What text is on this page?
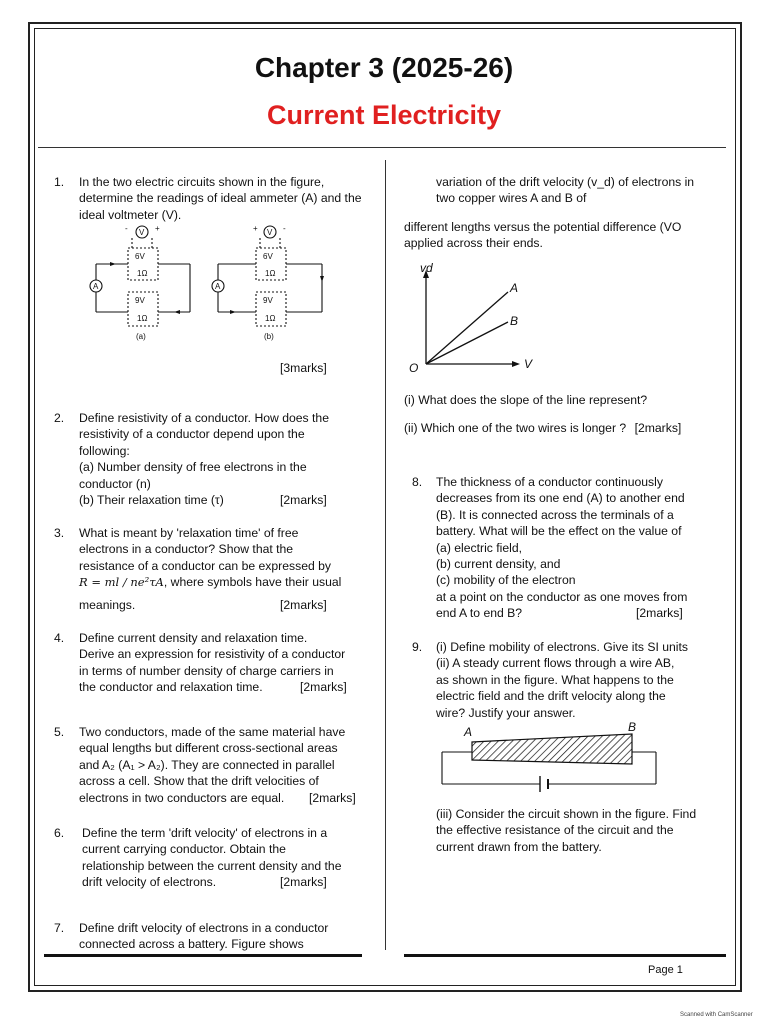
Chapter 3 (2025-26)
Current Electricity
1. In the two electric circuits shown in the figure, determine the readings of ideal ammeter (A) and the ideal voltmeter (V).
V
-	+
A
6V
1Ω
9V
1Ω
(a)
V
+	-
A
6V
1Ω
9V
1Ω
(b)
[3marks]
2. Define resistivity of a conductor. How does the
resistivity of a conductor depend upon the
following:
(a) Number density of free electrons in the
conductor (n)
(b) Their relaxation time (τ)	[2marks]
3. What is meant by 'relaxation time' of free
electrons in a conductor? Show that the
resistance of a conductor can be expressed by
R = ml / ne²τA, where symbols have their usual
meanings.	[2marks]
4. Define current density and relaxation time.
Derive an expression for resistivity of a conductor
in terms of number density of charge carriers in
the conductor and relaxation time.	[2marks]
5. Two conductors, made of the same material have
equal lengths but different cross-sectional areas
and A₂ (A₁ > A₂). They are connected in parallel
across a cell. Show that the drift velocities of
electrons in two conductors are equal. [2marks]
6. Define the term 'drift velocity' of electrons in a
current carrying conductor. Obtain the
relationship between the current density and the
drift velocity of electrons.	[2marks]
7. Define drift velocity of electrons in a conductor
connected across a battery. Figure shows
variation of the drift velocity (v_d) of electrons in
two copper wires A and B of
different lengths versus the potential difference (VO
applied across their ends.
vd
V
O
A
B
(i) What does the slope of the line represent?
(ii) Which one of the two wires is longer ? [2marks]
8. The thickness of a conductor continuously
decreases from its one end (A) to another end
(B). It is connected across the terminals of a
battery. What will be the effect on the value of
(a) electric field,
(b) current density, and
(c) mobility of the electron
at a point on the conductor as one moves from
end A to end B?	[2marks]
9. (i) Define mobility of electrons. Give its SI units
(ii) A steady current flows through a wire AB,
as shown in the figure. What happens to the
electric field and the drift velocity along the
wire? Justify your answer.
A	B
(iii) Consider the circuit shown in the figure. Find
the effective resistance of the circuit and the
current drawn from the battery.
Page 1
Scanned with CamScanner
